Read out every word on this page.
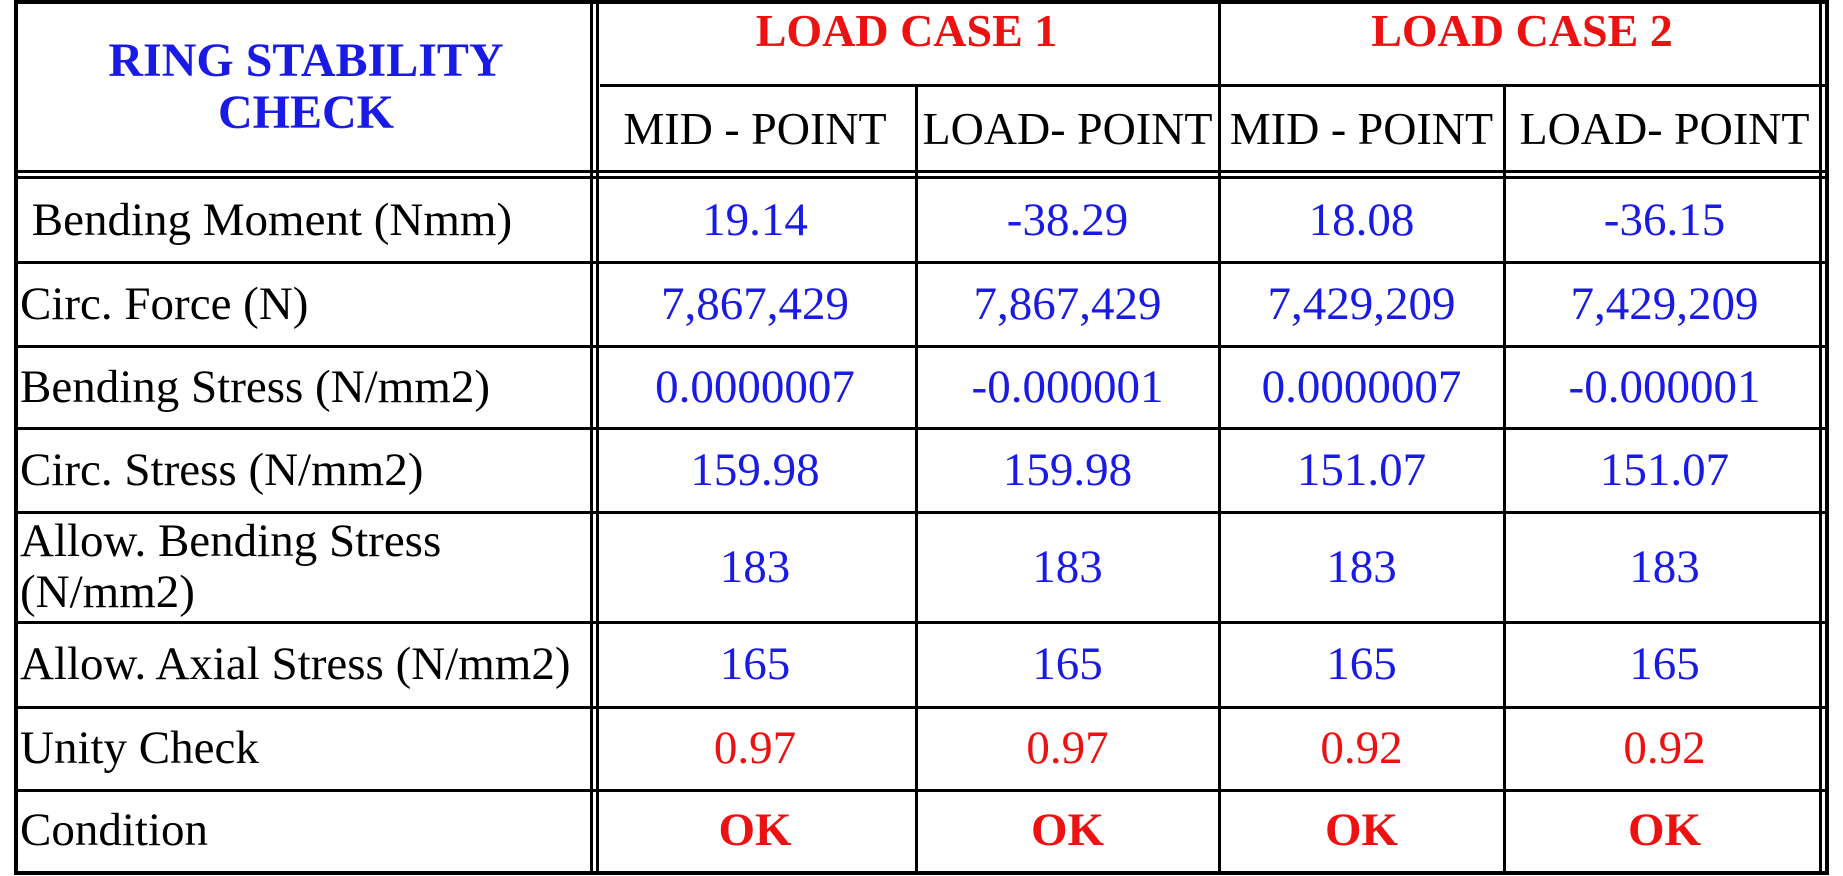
RING STABILITY CHECK
LOAD CASE 1
MID - POINT LOAD- POINT
LOAD CASE 2
MID - POINT LOAD- POINT
Bending Moment (Nmm)	19.14	-38.29	18.08	-36.15
Circ. Force (N)	7,867,429	7,867,429	7,429,209	7,429,209
Bending Stress (N/mm2)	0.0000007	-0.000001	0.0000007	-0.000001
Circ. Stress (N/mm2)	159.98	159.98	151.07	151.07
Allow. Bending Stress (N/mm2)	183	183	183	183
Allow. Axial Stress (N/mm2)	165	165	165	165
Unity Check	0.97	0.97	0.92	0.92
Condition	OK	OK	OK	OK
